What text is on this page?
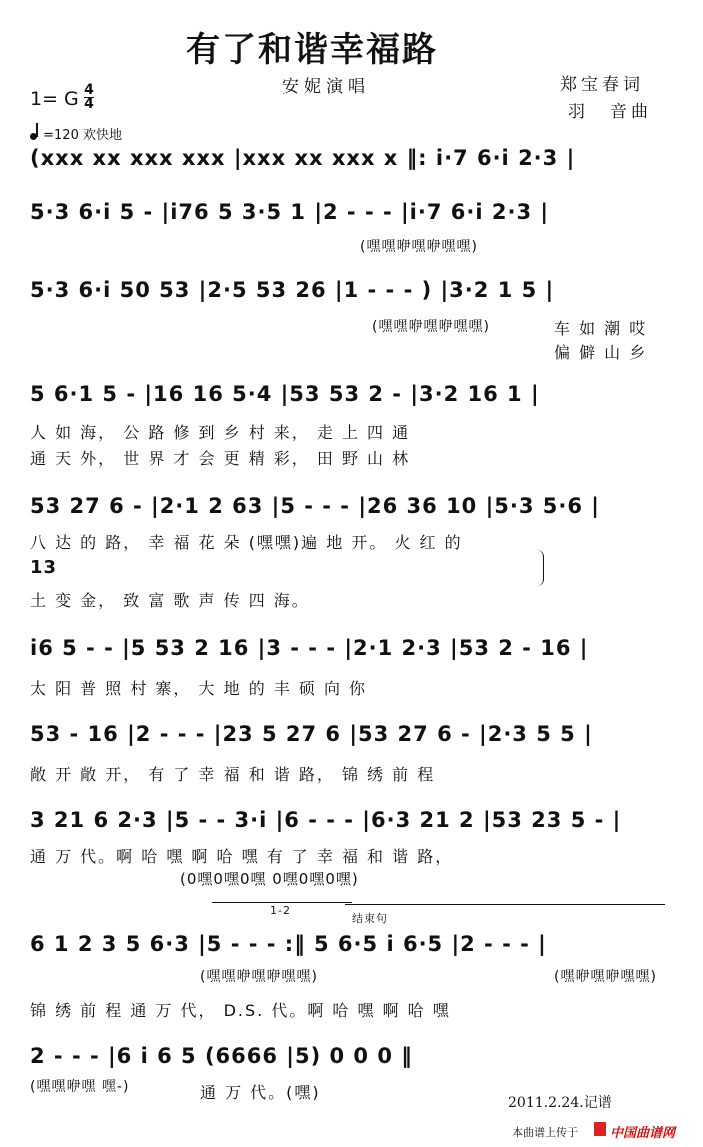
有了和谐幸福路
安妮演唱	郑宝春词
羽　音曲
1= G 4
4
=120 欢快地
(xxx xx xxx xxx |xxx xx xxx x ‖: i·7 6·i 2·3 |
5·3 6·i 5 - |i76 5 3·5 1 |2 - - - |i·7 6·i 2·3 |
(嘿嘿咿嘿咿嘿嘿)
5·3 6·i 50 53 |2·5 53 26 |1 - - - ) |3·2 1 5 |
(嘿嘿咿嘿咿嘿嘿)	车 如 潮 哎
偏 僻 山 乡
5 6·1 5 - |16 16 5·4 |53 53 2 - |3·2 16 1 |
人 如 海， 公 路 修 到 乡 村 来， 走 上 四 通
通 天 外， 世 界 才 会 更 精 彩， 田 野 山 林
53 27 6 - |2·1 2 63 |5 - - - |26 36 10 |5·3 5·6 |
八 达 的 路， 幸 福 花 朵 (嘿嘿)遍 地 开。 火 红 的
13
土 变 金， 致 富 歌 声 传 四 海。
i6 5 - - |5 53 2 16 |3 - - - |2·1 2·3 |53 2 - 16 |
太 阳 普 照 村 寨， 大 地 的 丰 硕 向 你
53 - 16 |2 - - - |23 5 27 6 |53 27 6 - |2·3 5 5 |
敞 开 敞 开， 有 了 幸 福 和 谐 路， 锦 绣 前 程
3 21 6 2·3 |5 - - 3·i |6 - - - |6·3 21 2 |53 23 5 - |
通 万 代。啊 哈 嘿 啊 哈 嘿 有 了 幸 福 和 谐 路，
(0嘿0嘿0嘿 0嘿0嘿0嘿)
1-2
结束句
6 1 2 3 5 6·3 |5 - - - :‖ 5 6·5 i 6·5 |2 - - - |
(嘿嘿咿嘿咿嘿嘿)	(嘿咿嘿咿嘿嘿)
锦 绣 前 程 通 万 代， D.S. 代。啊 哈 嘿 啊 哈 嘿
2 - - - |6 i 6 5 (6666 |5) 0 0 0 ‖
(嘿嘿咿嘿 嘿-)	通 万 代。(嘿)
2011.2.24.记谱
本曲谱上传于 中国曲谱网
